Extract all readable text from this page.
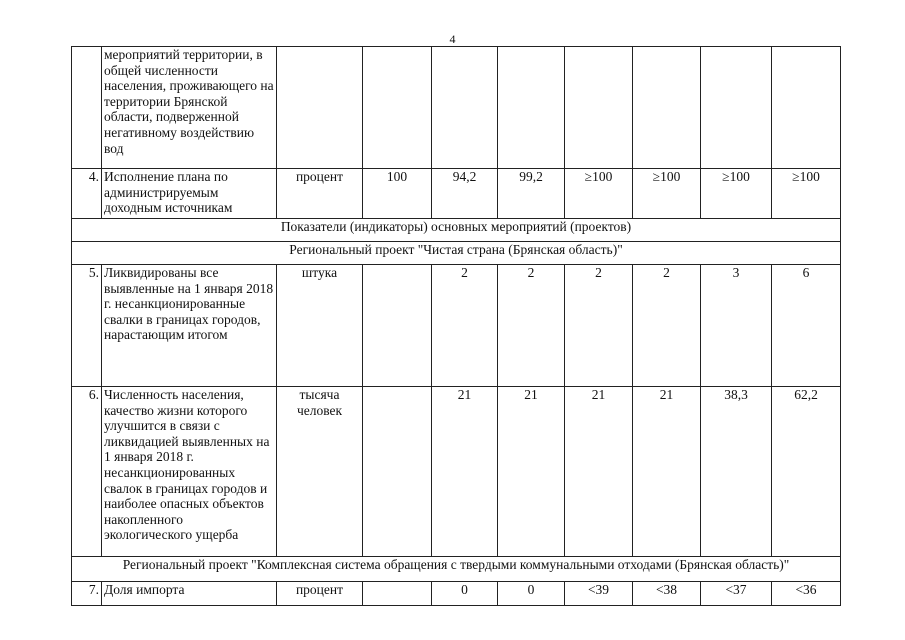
4
	мероприятий территории, в общей численности населения, проживающего на территории Брянской области, подверженной негативному воздействию вод								
4.	Исполнение плана по администрируемым доходным источникам	процент	100	94,2	99,2	≥100	≥100	≥100	≥100
Показатели (индикаторы) основных мероприятий (проектов)									
Региональный проект "Чистая страна (Брянская область)"									
5.	Ликвидированы все выявленные на 1 января 2018 г. несанкционированные свалки в границах городов, нарастающим итогом	штука		2	2	2	2	3	6
6.	Численность населения, качество жизни которого улучшится в связи с ликвидацией выявленных на 1 января 2018 г. несанкционированных свалок в границах городов и наиболее опасных объектов накопленного экологического ущерба	тысяча человек		21	21	21	21	38,3	62,2
Региональный проект "Комплексная система обращения с твердыми коммунальными отходами (Брянская область)"									
7.	Доля импорта	процент		0	0	<39	<38	<37	<36
